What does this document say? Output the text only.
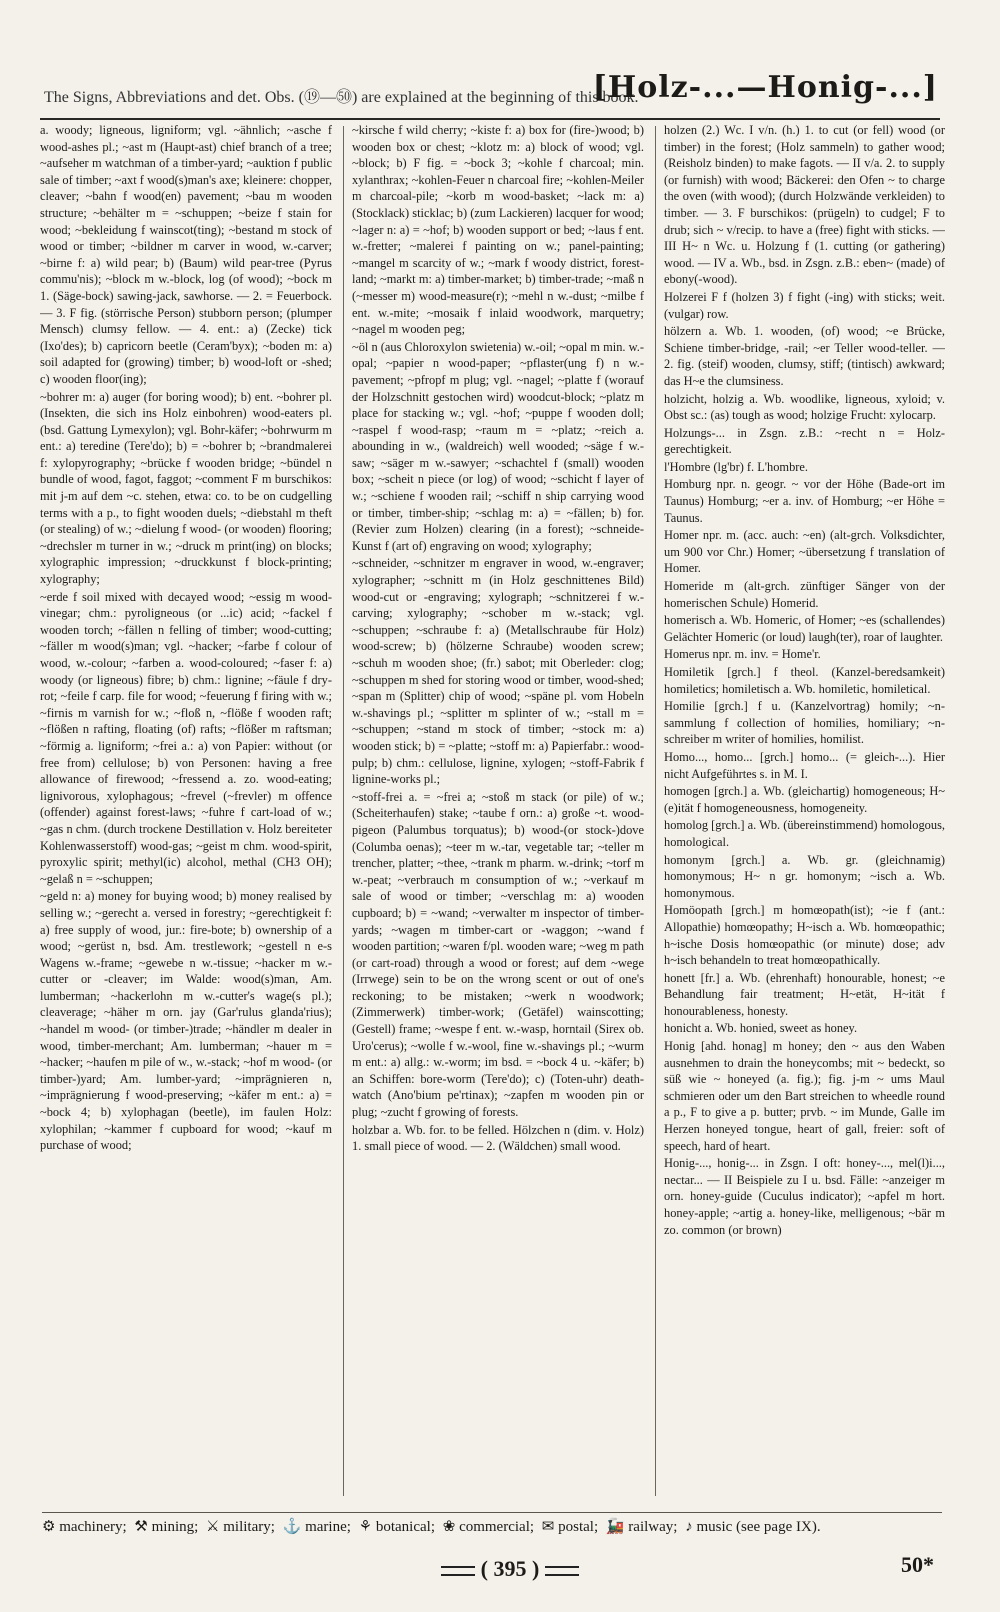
The Signs, Abbreviations and det. Obs. (⑲—㊿) are explained at the beginning of this book.
[Holz-...—Honig-...]

a. woody; ligneous, ligniform; vgl. ~ähnlich; ~asche f wood-ashes pl.; ~ast m (Haupt-ast) chief branch of a tree; ~aufseher m watchman of a timber-yard; ~auktion f public sale of timber; ~axt f wood(s)man's axe; kleinere: chopper, cleaver; ~bahn f wood(en) pavement; ~bau m wooden structure; ~behälter m = ~schuppen; ~beize f stain for wood; ~bekleidung f wainscot(ting); ~bestand m stock of wood or timber; ~bildner m carver in wood, w.-carver; ~birne f: a) wild pear; b) (Baum) wild pear-tree (Pyrus commu'nis); ~block m w.-block, log (of wood); ~bock m 1. (Säge-bock) sawing-jack, sawhorse. — 2. = Feuerbock. — 3. F fig. (störrische Person) stubborn person; (plumper Mensch) clumsy fellow. — 4. ent.: a) (Zecke) tick (Ixo'des); b) capricorn beetle (Ceram'byx); ~boden m: a) soil adapted for (growing) timber; b) wood-loft or -shed; c) wooden floor(ing);

~bohrer m: a) auger (for boring wood); b) ent. ~bohrer pl. (Insekten, die sich ins Holz einbohren) wood-eaters pl. (bsd. Gattung Lymexylon); vgl. Bohr-käfer; ~bohrwurm m ent.: a) teredine (Tere'do); b) = ~bohrer b; ~brandmalerei f: xylopyrography; ~brücke f wooden bridge; ~bündel n bundle of wood, fagot, faggot; ~comment F m burschikos: mit j-m auf dem ~c. stehen, etwa: co. to be on cudgelling terms with a p., to fight wooden duels; ~diebstahl m theft (or stealing) of w.; ~dielung f wood- (or wooden) flooring; ~drechsler m turner in w.; ~druck m print(ing) on blocks; xylographic impression; ~druckkunst f block-printing; xylography;

~erde f soil mixed with decayed wood; ~essig m wood-vinegar; chm.: pyroligneous (or ...ic) acid; ~fackel f wooden torch; ~fällen n felling of timber; wood-cutting; ~fäller m wood(s)man; vgl. ~hacker; ~farbe f colour of wood, w.-colour; ~farben a. wood-coloured; ~faser f: a) woody (or ligneous) fibre; b) chm.: lignine; ~fäule f dry-rot; ~feile f carp. file for wood; ~feuerung f firing with w.; ~firnis m varnish for w.; ~floß n, ~flöße f wooden raft; ~flößen n rafting, floating (of) rafts; ~flößer m raftsman; ~förmig a. ligniform; ~frei a.: a) von Papier: without (or free from) cellulose; b) von Personen: having a free allowance of firewood; ~fressend a. zo. wood-eating; lignivorous, xylophagous; ~frevel (~frevler) m offence (offender) against forest-laws; ~fuhre f cart-load of w.; ~gas n chm. (durch trockene Destillation v. Holz bereiteter Kohlenwasserstoff) wood-gas; ~geist m chm. wood-spirit, pyroxylic spirit; methyl(ic) alcohol, methal (CH3 OH); ~gelaß n = ~schuppen;

~geld n: a) money for buying wood; b) money realised by selling w.; ~gerecht a. versed in forestry; ~gerechtigkeit f: a) free supply of wood, jur.: fire-bote; b) ownership of a wood; ~gerüst n, bsd. Am. trestlework; ~gestell n e-s Wagens w.-frame; ~gewebe n w.-tissue; ~hacker m w.-cutter or -cleaver; im Walde: wood(s)man, Am. lumberman; ~hackerlohn m w.-cutter's wage(s pl.); cleaverage; ~häher m orn. jay (Gar'rulus glanda'rius); ~handel m wood- (or timber-)trade; ~händler m dealer in wood, timber-merchant; Am. lumberman; ~hauer m = ~hacker; ~haufen m pile of w., w.-stack; ~hof m wood- (or timber-)yard; Am. lumber-yard; ~imprägnieren n, ~imprägnierung f wood-preserving; ~käfer m ent.: a) = ~bock 4; b) xylophagan (beetle), im faulen Holz: xylophilan; ~kammer f cupboard for wood; ~kauf m purchase of wood;

~kirsche f wild cherry; ~kiste f: a) box for (fire-)wood; b) wooden box or chest; ~klotz m: a) block of wood; vgl. ~block; b) F fig. = ~bock 3; ~kohle f charcoal; min. xylanthrax; ~kohlen-Feuer n charcoal fire; ~kohlen-Meiler m charcoal-pile; ~korb m wood-basket; ~lack m: a) (Stocklack) sticklac; b) (zum Lackieren) lacquer for wood; ~lager n: a) = ~hof; b) wooden support or bed; ~laus f ent. w.-fretter; ~malerei f painting on w.; panel-painting; ~mangel m scarcity of w.; ~mark f woody district, forest-land; ~markt m: a) timber-market; b) timber-trade; ~maß n (~messer m) wood-measure(r); ~mehl n w.-dust; ~milbe f ent. w.-mite; ~mosaik f inlaid woodwork, marquetry; ~nagel m wooden peg;

~öl n (aus Chloroxylon swietenia) w.-oil; ~opal m min. w.-opal; ~papier n wood-paper; ~pflaster(ung f) n w.-pavement; ~pfropf m plug; vgl. ~nagel; ~platte f (worauf der Holzschnitt gestochen wird) woodcut-block; ~platz m place for stacking w.; vgl. ~hof; ~puppe f wooden doll; ~raspel f wood-rasp; ~raum m = ~platz; ~reich a. abounding in w., (waldreich) well wooded; ~säge f w.-saw; ~säger m w.-sawyer; ~schachtel f (small) wooden box; ~scheit n piece (or log) of wood; ~schicht f layer of w.; ~schiene f wooden rail; ~schiff n ship carrying wood or timber, timber-ship; ~schlag m: a) = ~fällen; b) for. (Revier zum Holzen) clearing (in a forest); ~schneide-Kunst f (art of) engraving on wood; xylography;

~schneider, ~schnitzer m engraver in wood, w.-engraver; xylographer; ~schnitt m (in Holz geschnittenes Bild) wood-cut or -engraving; xylograph; ~schnitzerei f w.-carving; xylography; ~schober m w.-stack; vgl. ~schuppen; ~schraube f: a) (Metallschraube für Holz) wood-screw; b) (hölzerne Schraube) wooden screw; ~schuh m wooden shoe; (fr.) sabot; mit Oberleder: clog; ~schuppen m shed for storing wood or timber, wood-shed; ~span m (Splitter) chip of wood; ~späne pl. vom Hobeln w.-shavings pl.; ~splitter m splinter of w.; ~stall m = ~schuppen; ~stand m stock of timber; ~stock m: a) wooden stick; b) = ~platte; ~stoff m: a) Papierfabr.: wood-pulp; b) chm.: cellulose, lignine, xylogen; ~stoff-Fabrik f lignine-works pl.;

~stoff-frei a. = ~frei a; ~stoß m stack (or pile) of w.; (Scheiterhaufen) stake; ~taube f orn.: a) große ~t. wood-pigeon (Palumbus torquatus); b) wood-(or stock-)dove (Columba oenas); ~teer m w.-tar, vegetable tar; ~teller m trencher, platter; ~thee, ~trank m pharm. w.-drink; ~torf m w.-peat; ~verbrauch m consumption of w.; ~verkauf m sale of wood or timber; ~verschlag m: a) wooden cupboard; b) = ~wand; ~verwalter m inspector of timber-yards; ~wagen m timber-cart or -waggon; ~wand f wooden partition; ~waren f/pl. wooden ware; ~weg m path (or cart-road) through a wood or forest; auf dem ~wege (Irrwege) sein to be on the wrong scent or out of one's reckoning; to be mistaken; ~werk n woodwork; (Zimmerwerk) timber-work; (Getäfel) wainscotting; (Gestell) frame; ~wespe f ent. w.-wasp, horntail (Sirex ob. Uro'cerus); ~wolle f w.-wool, fine w.-shavings pl.; ~wurm m ent.: a) allg.: w.-worm; im bsd. = ~bock 4 u. ~käfer; b) an Schiffen: bore-worm (Tere'do); c) (Toten-uhr) death-watch (Ano'bium pe'rtinax); ~zapfen m wooden pin or plug; ~zucht f growing of forests.

holzbar a. Wb. for. to be felled. Hölzchen n (dim. v. Holz) 1. small piece of wood. — 2. (Wäldchen) small wood.

holzen (2.) Wc. I v/n. (h.) 1. to cut (or fell) wood (or timber) in the forest; (Holz sammeln) to gather wood; (Reisholz binden) to make fagots. — II v/a. 2. to supply (or furnish) with wood; Bäckerei: den Ofen ~ to charge the oven (with wood); (durch Holzwände verkleiden) to timber. — 3. F burschikos: (prügeln) to cudgel; F to drub; sich ~ v/recip. to have a (free) fight with sticks. — III H~ n Wc. u. Holzung f (1. cutting (or gathering) wood. — IV a. Wb., bsd. in Zsgn. z.B.: eben~ (made) of ebony(-wood).

Holzerei F f (holzen 3) f fight (-ing) with sticks; weit. (vulgar) row.

hölzern a. Wb. 1. wooden, (of) wood; ~e Brücke, Schiene timber-bridge, -rail; ~er Teller wood-teller. — 2. fig. (steif) wooden, clumsy, stiff; (tintisch) awkward; das H~e the clumsiness.

holzicht, holzig a. Wb. woodlike, ligneous, xyloid; v. Obst sc.: (as) tough as wood; holzige Frucht: xylocarp.

Holzungs-... in Zsgn. z.B.: ~recht n = Holz-gerechtigkeit.

l'Hombre (lg'br) f. L'hombre.

Homburg npr. n. geogr. ~ vor der Höhe (Bade-ort im Taunus) Homburg; ~er a. inv. of Homburg; ~er Höhe = Taunus.

Homer npr. m. (acc. auch: ~en) (alt-grch. Volksdichter, um 900 vor Chr.) Homer; ~übersetzung f translation of Homer.

Homeride m (alt-grch. zünftiger Sänger von der homerischen Schule) Homerid.

homerisch a. Wb. Homeric, of Homer; ~es (schallendes) Gelächter Homeric (or loud) laugh(ter), roar of laughter.

Homerus npr. m. inv. = Home'r.

Homiletik [grch.] f theol. (Kanzel-beredsamkeit) homiletics; homiletisch a. Wb. homiletic, homiletical.

Homilie [grch.] f u. (Kanzelvortrag) homily; ~n-sammlung f collection of homilies, homiliary; ~n-schreiber m writer of homilies, homilist.

Homo..., homo... [grch.] homo... (= gleich-...). Hier nicht Aufgeführtes s. in M. I.

homogen [grch.] a. Wb. (gleichartig) homogeneous; H~(e)ität f homogeneousness, homogeneity.

homolog [grch.] a. Wb. (übereinstimmend) homologous, homological.

homonym [grch.] a. Wb. gr. (gleichnamig) homonymous; H~ n gr. homonym; ~isch a. Wb. homonymous.

Homöopath [grch.] m homœopath(ist); ~ie f (ant.: Allopathie) homœopathy; H~isch a. Wb. homœopathic; h~ische Dosis homœopathic (or minute) dose; adv h~isch behandeln to treat homœopathically.

honett [fr.] a. Wb. (ehrenhaft) honourable, honest; ~e Behandlung fair treatment; H~etät, H~ität f honourableness, honesty.

honicht a. Wb. honied, sweet as honey.

Honig [ahd. honag] m honey; den ~ aus den Waben ausnehmen to drain the honeycombs; mit ~ bedeckt, so süß wie ~ honeyed (a. fig.); fig. j-m ~ ums Maul schmieren oder um den Bart streichen to wheedle round a p., F to give a p. butter; prvb. ~ im Munde, Galle im Herzen honeyed tongue, heart of gall, freier: soft of speech, hard of heart.

Honig-..., honig-... in Zsgn. I oft: honey-..., mel(l)i..., nectar... — II Beispiele zu I u. bsd. Fälle: ~anzeiger m orn. honey-guide (Cuculus indicator); ~apfel m hort. honey-apple; ~artig a. honey-like, melligenous; ~bär m zo. common (or brown)

⚙ machinery; ⚒ mining; ⚔ military; ⚓ marine; ⚘ botanical; ❀ commercial; ✉ postal; 🚂 railway; ♪ music (see page IX).
( 395 )	50*
